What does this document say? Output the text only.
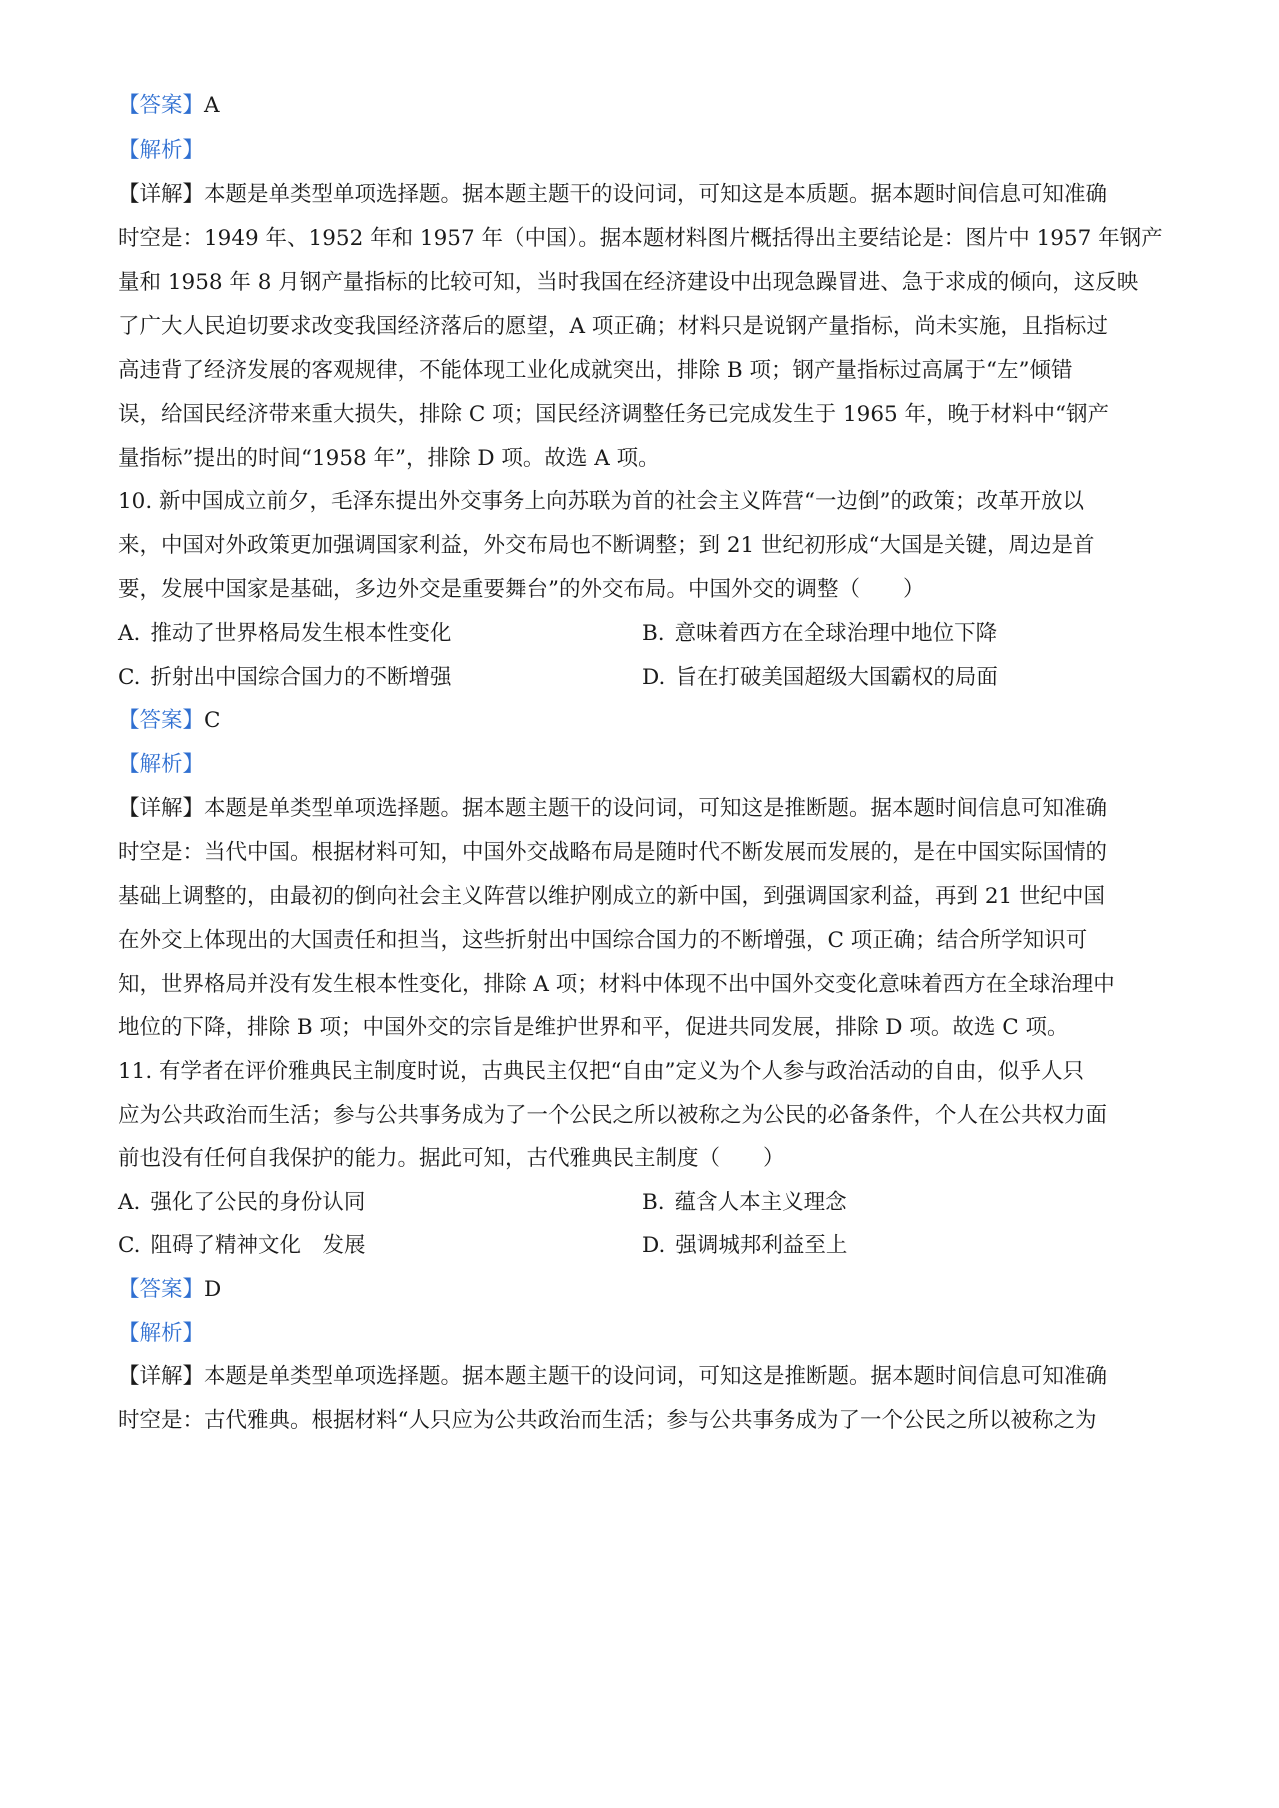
【答案】A
【解析】
【详解】本题是单类型单项选择题。据本题主题干的设问词，可知这是本质题。据本题时间信息可知准确
时空是：1949 年、1952 年和 1957 年（中国）。据本题材料图片概括得出主要结论是：图片中 1957 年钢产
量和 1958 年 8 月钢产量指标的比较可知，当时我国在经济建设中出现急躁冒进、急于求成的倾向，这反映
了广大人民迫切要求改变我国经济落后的愿望，A 项正确；材料只是说钢产量指标，尚未实施，且指标过
高违背了经济发展的客观规律，不能体现工业化成就突出，排除 B 项；钢产量指标过高属于“左”倾错
误，给国民经济带来重大损失，排除 C 项；国民经济调整任务已完成发生于 1965 年，晚于材料中“钢产
量指标”提出的时间“1958 年”，排除 D 项。故选 A 项。
10. 新中国成立前夕，毛泽东提出外交事务上向苏联为首的社会主义阵营“一边倒”的政策；改革开放以
来，中国对外政策更加强调国家利益，外交布局也不断调整；到 21 世纪初形成“大国是关键，周边是首
要，发展中国家是基础，多边外交是重要舞台”的外交布局。中国外交的调整（　　）
A. 推动了世界格局发生根本性变化	B. 意味着西方在全球治理中地位下降
C. 折射出中国综合国力的不断增强	D. 旨在打破美国超级大国霸权的局面
【答案】C
【解析】
【详解】本题是单类型单项选择题。据本题主题干的设问词，可知这是推断题。据本题时间信息可知准确
时空是：当代中国。根据材料可知，中国外交战略布局是随时代不断发展而发展的，是在中国实际国情的
基础上调整的，由最初的倒向社会主义阵营以维护刚成立的新中国，到强调国家利益，再到 21 世纪中国
在外交上体现出的大国责任和担当，这些折射出中国综合国力的不断增强，C 项正确；结合所学知识可
知，世界格局并没有发生根本性变化，排除 A 项；材料中体现不出中国外交变化意味着西方在全球治理中
地位的下降，排除 B 项；中国外交的宗旨是维护世界和平，促进共同发展，排除 D 项。故选 C 项。
11. 有学者在评价雅典民主制度时说，古典民主仅把“自由”定义为个人参与政治活动的自由，似乎人只
应为公共政治而生活；参与公共事务成为了一个公民之所以被称之为公民的必备条件，个人在公共权力面
前也没有任何自我保护的能力。据此可知，古代雅典民主制度（　　）
A. 强化了公民的身份认同	B. 蕴含人本主义理念
C. 阻碍了精神文化　发展	D. 强调城邦利益至上
【答案】D
【解析】
【详解】本题是单类型单项选择题。据本题主题干的设问词，可知这是推断题。据本题时间信息可知准确
时空是：古代雅典。根据材料“人只应为公共政治而生活；参与公共事务成为了一个公民之所以被称之为
